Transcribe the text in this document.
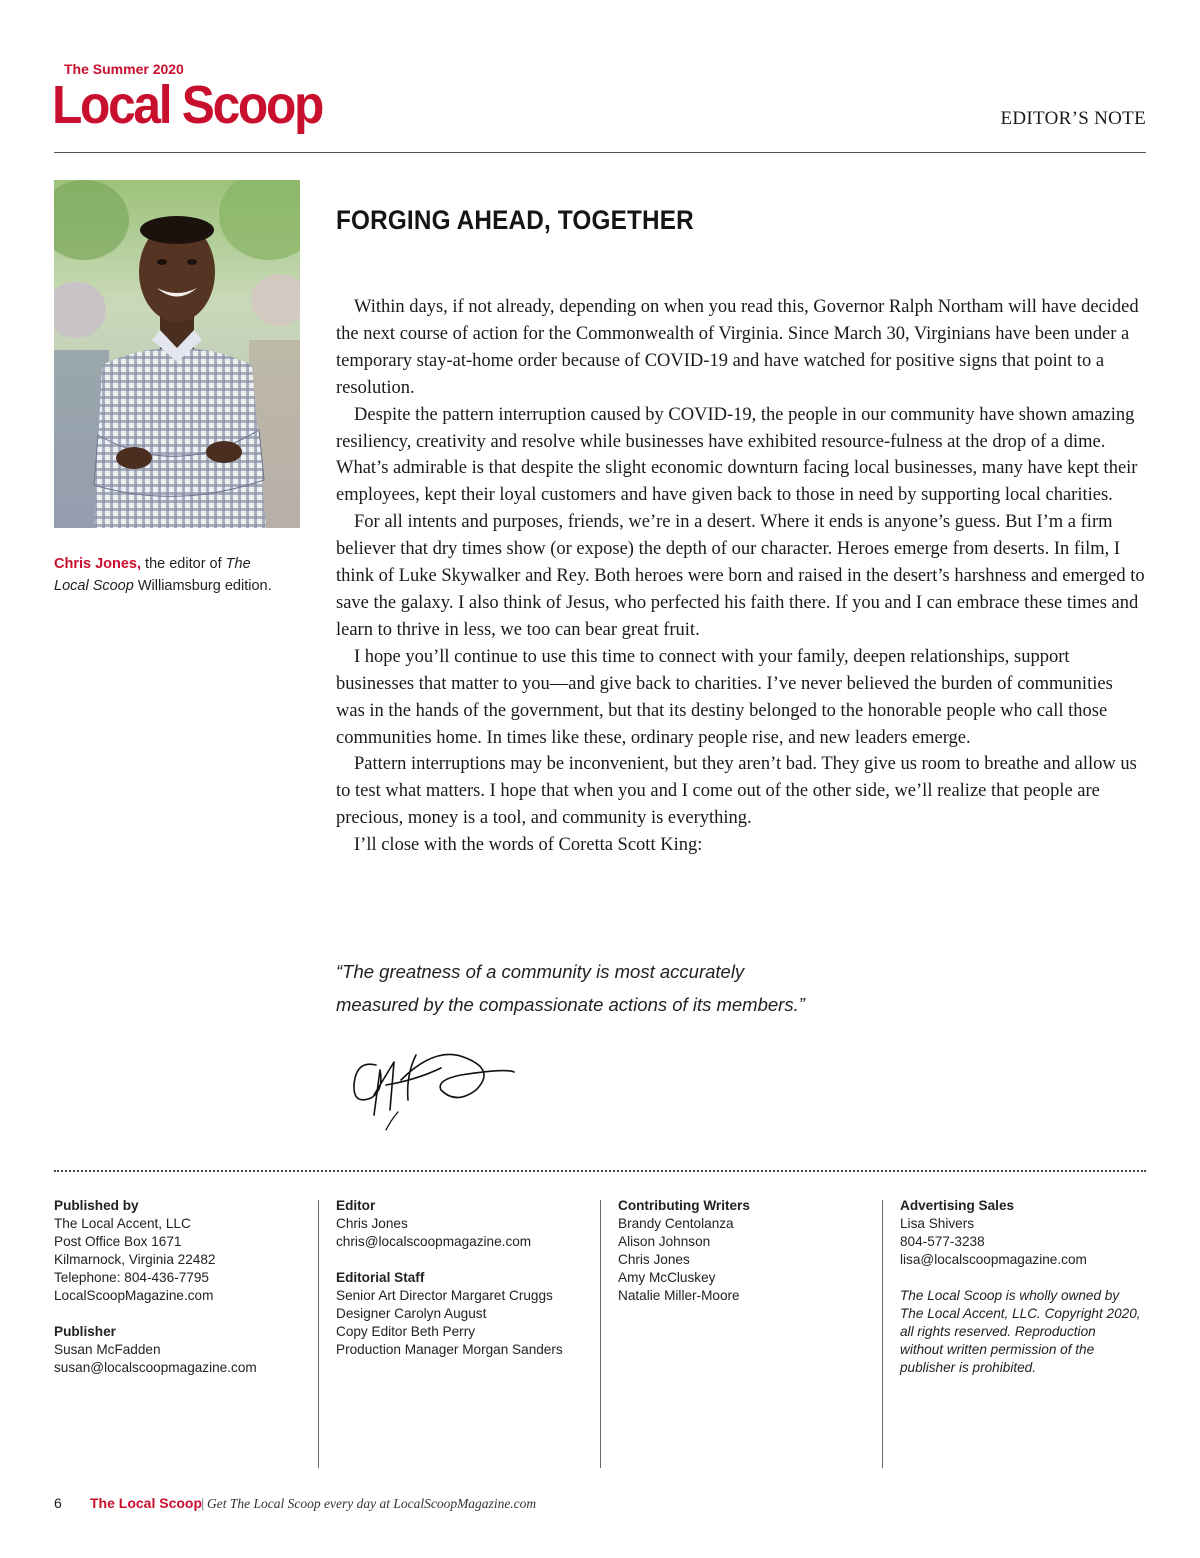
The Summer 2020
Local Scoop	EDITOR’S NOTE
Chris Jones, the editor of The Local Scoop Williamsburg edition.
FORGING AHEAD, TOGETHER

Within days, if not already, depending on when you read this, Governor Ralph Northam will have decided the next course of action for the Commonwealth of Virginia. Since March 30, Virginians have been under a temporary stay-at-home order because of COVID-19 and have watched for positive signs that point to a resolution.

Despite the pattern interruption caused by COVID-19, the people in our community have shown amazing resiliency, creativity and resolve while businesses have exhibited resource-fulness at the drop of a dime. What’s admirable is that despite the slight economic downturn facing local businesses, many have kept their employees, kept their loyal customers and have given back to those in need by supporting local charities.

For all intents and purposes, friends, we’re in a desert. Where it ends is anyone’s guess. But I’m a firm believer that dry times show (or expose) the depth of our character. Heroes emerge from deserts. In film, I think of Luke Skywalker and Rey. Both heroes were born and raised in the desert’s harshness and emerged to save the galaxy. I also think of Jesus, who perfected his faith there. If you and I can embrace these times and learn to thrive in less, we too can bear great fruit.

I hope you’ll continue to use this time to connect with your family, deepen relationships, support businesses that matter to you—and give back to charities. I’ve never believed the burden of communities was in the hands of the government, but that its destiny belonged to the honorable people who call those communities home. In times like these, ordinary people rise, and new leaders emerge.

Pattern interruptions may be inconvenient, but they aren’t bad. They give us room to breathe and allow us to test what matters. I hope that when you and I come out of the other side, we’ll realize that people are precious, money is a tool, and community is everything.

I’ll close with the words of Coretta Scott King:

“The greatness of a community is most accurately
measured by the compassionate actions of its members.”
Published by
The Local Accent, LLC
Post Office Box 1671
Kilmarnock, Virginia 22482
Telephone: 804-436-7795
LocalScoopMagazine.com
Publisher
Susan McFadden
susan@localscoopmagazine.com
Editor
Chris Jones
chris@localscoopmagazine.com
Editorial Staff
Senior Art Director Margaret Cruggs
Designer Carolyn August
Copy Editor Beth Perry
Production Manager Morgan Sanders
Contributing Writers
Brandy Centolanza
Alison Johnson
Chris Jones
Amy McCluskey
Natalie Miller-Moore
Advertising Sales
Lisa Shivers
804-577-3238
lisa@localscoopmagazine.com
The Local Scoop is wholly owned by
The Local Accent, LLC. Copyright 2020,
all rights reserved. Reproduction
without written permission of the
publisher is prohibited.
6 The Local Scoop
| Get The Local Scoop every day at LocalScoopMagazine.com
